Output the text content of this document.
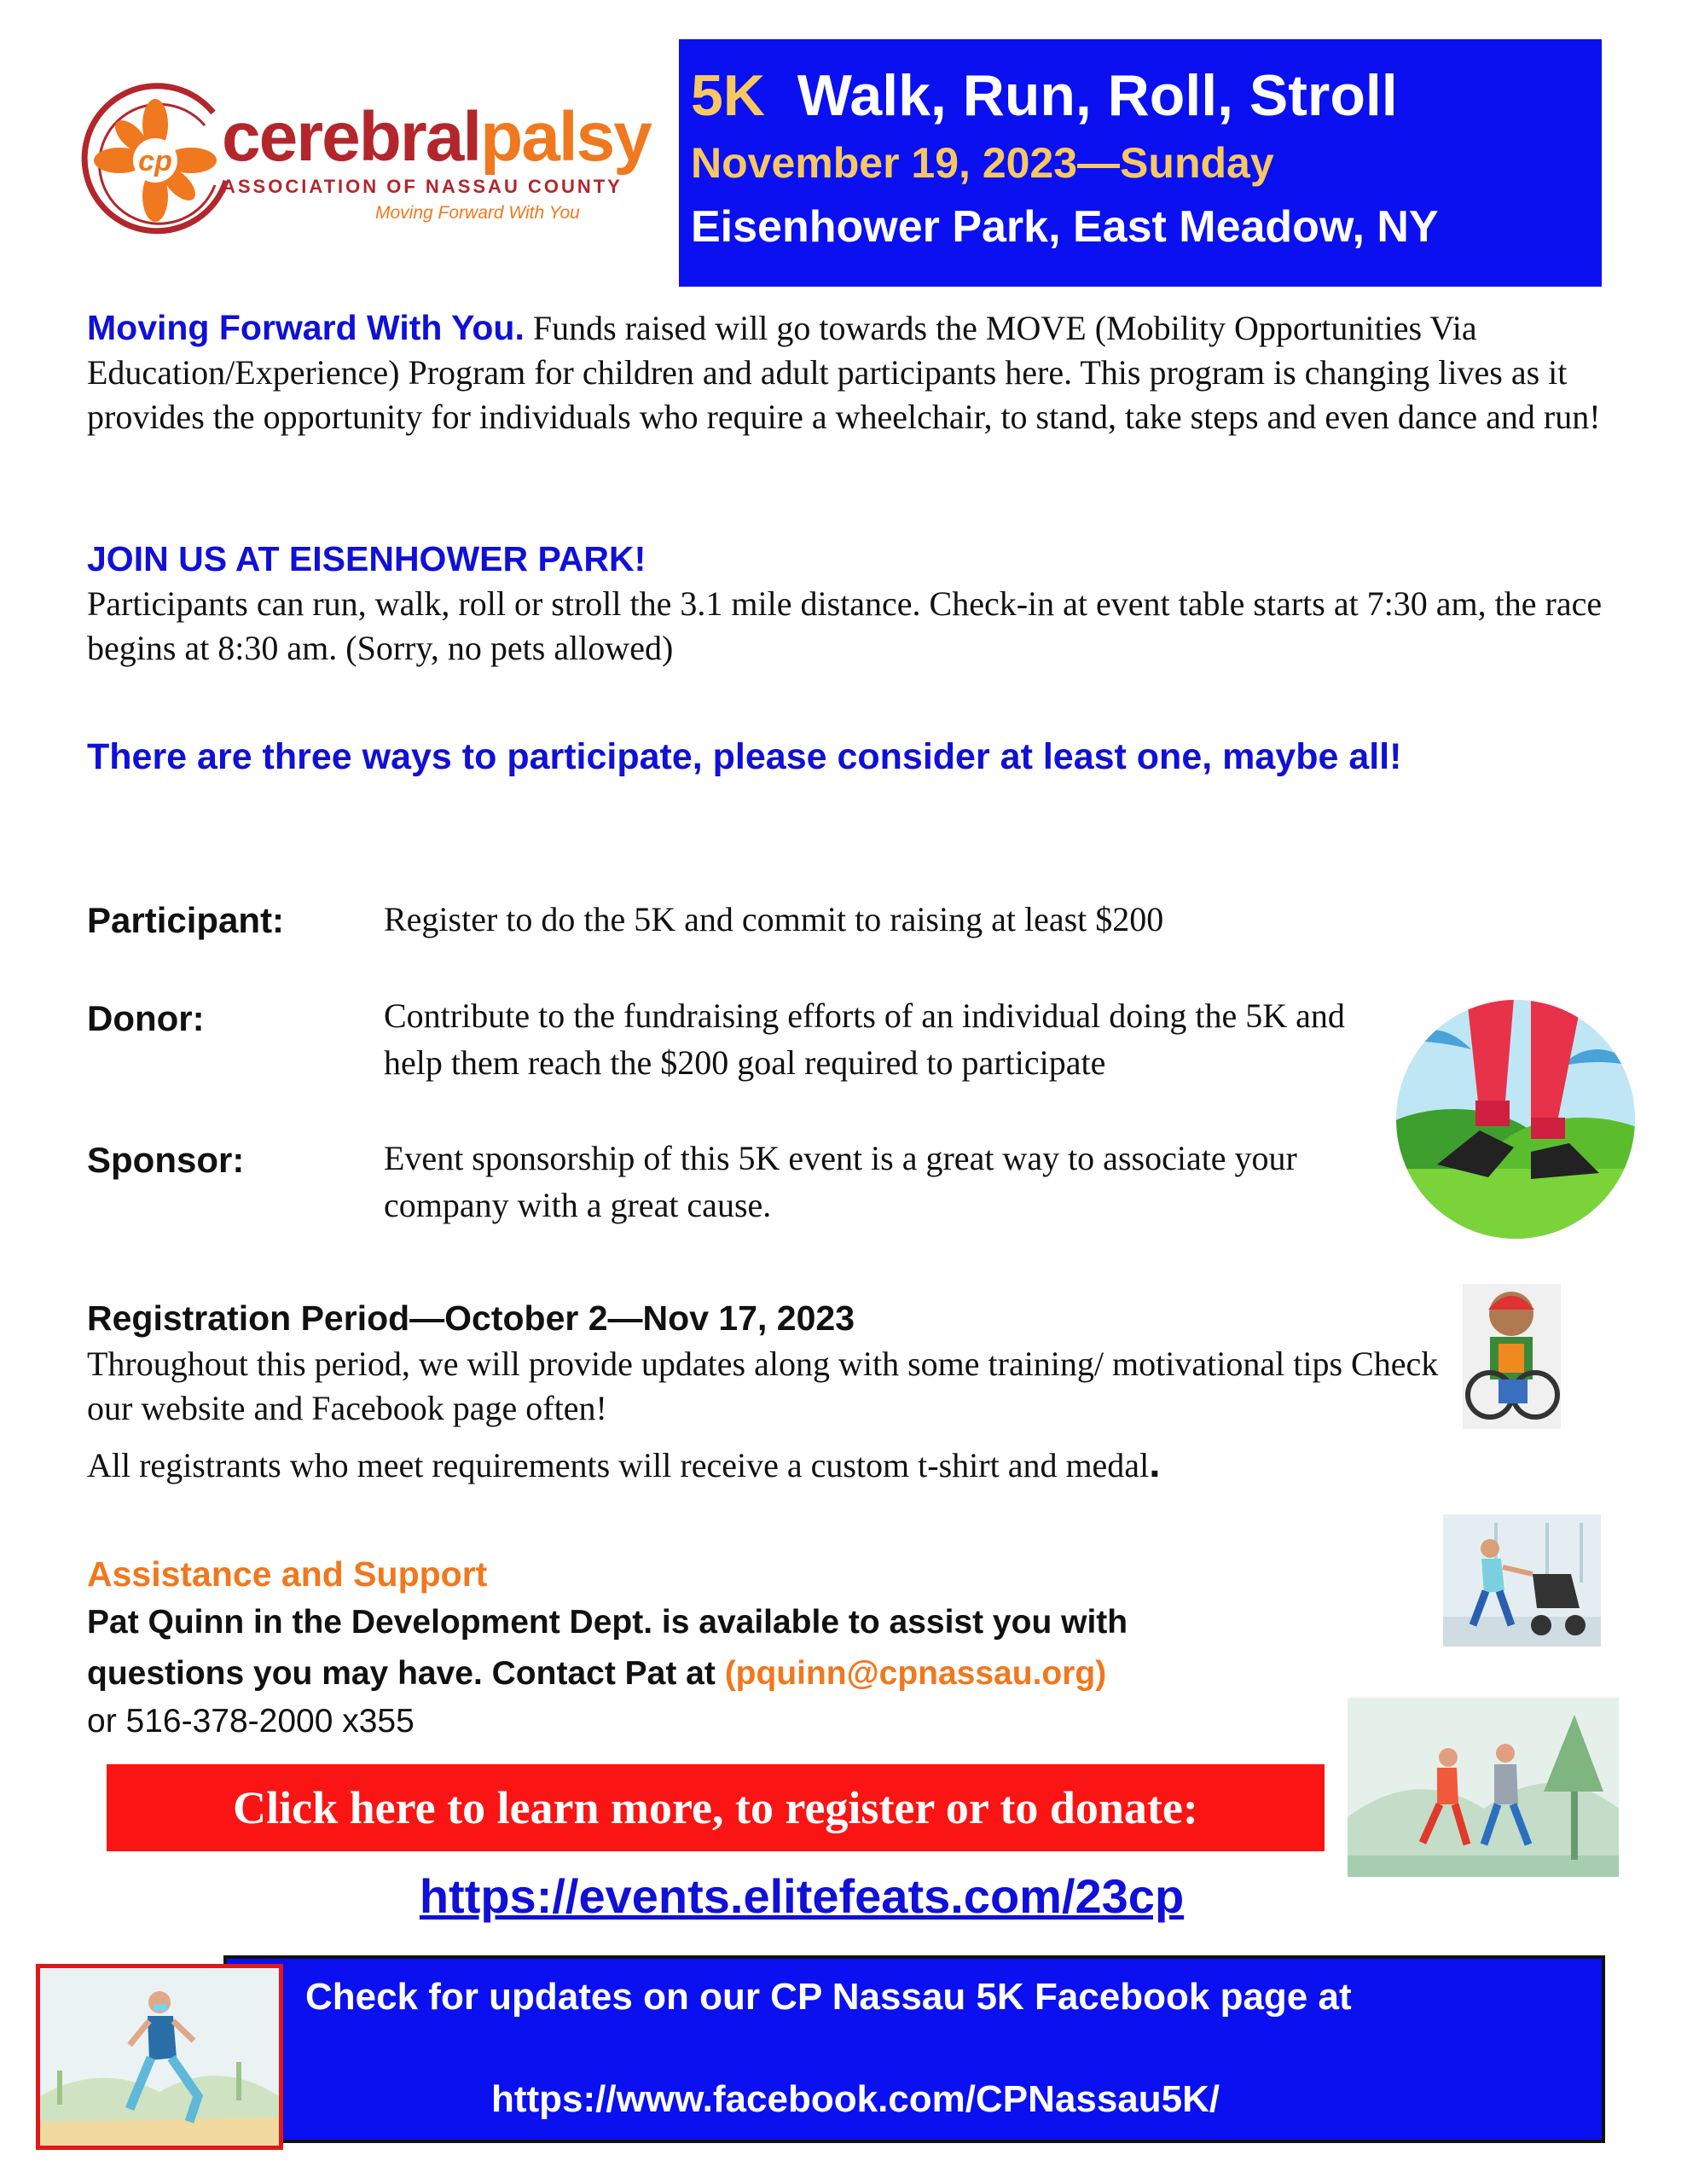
cp cerebralpalsy
ASSOCIATION OF NASSAU COUNTY
Moving Forward With You
5K Walk, Run, Roll, Stroll
November 19, 2023—Sunday
Eisenhower Park, East Meadow, NY
Moving Forward With You. Funds raised will go towards the MOVE (Mobility Opportunities Via Education/Experience) Program for children and adult participants here. This program is changing lives as it provides the opportunity for individuals who require a wheelchair, to stand, take steps and even dance and run!
JOIN US AT EISENHOWER PARK!
Participants can run, walk, roll or stroll the 3.1 mile distance. Check-in at event table starts at 7:30 am, the race begins at 8:30 am. (Sorry, no pets allowed)
There are three ways to participate, please consider at least one, maybe all!
Participant:	Register to do the 5K and commit to raising at least $200
Donor:	Contribute to the fundraising efforts of an individual doing the 5K and help them reach the $200 goal required to participate
Sponsor:	Event sponsorship of this 5K event is a great way to associate your company with a great cause.
Registration Period—October 2—Nov 17, 2023
Throughout this period, we will provide updates along with some training/ motivational tips Check our website and Facebook page often!
All registrants who meet requirements will receive a custom t-shirt and medal.
Assistance and Support
Pat Quinn in the Development Dept. is available to assist you with
questions you may have. Contact Pat at (pquinn@cpnassau.org)
or 516-378-2000 x355
Click here to learn more, to register or to donate:
https://events.elitefeats.com/23cp
Check for updates on our CP Nassau 5K Facebook page at
https://www.facebook.com/CPNassau5K/
